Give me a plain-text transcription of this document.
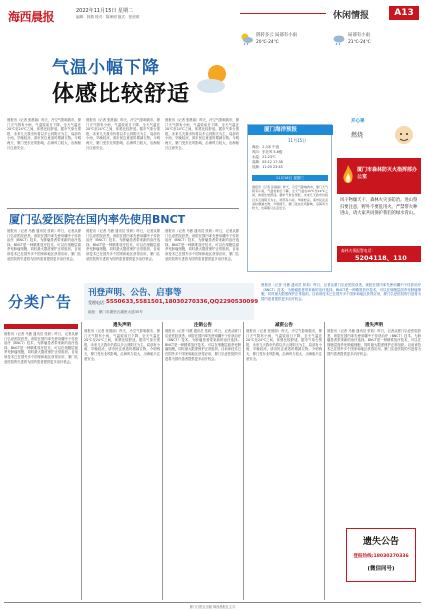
海西晨报	2022年11月15日 星期二
编辑：林燕 校对：陈理明 版式：张欣琪	休闲情报	A13
阴转多云 局部有小雨
20℃-24℃
局部有小雨
21℃-24℃
气温小幅下降
体感比较舒适
晨报讯（记者 张晨丽）昨天，冷空气影响我市，厦门天气阴有小雨，气温较前日下降，全天气温在20℃至24℃之间，体感比较舒适。据市气象台预报，未来几天我市仍将以多云到阴天为主，局部有小雨，早晚较凉，请市民注意适时增减衣物。今明两天，厦门受东北风影响，沿海风力较大，出海船只注意安全。
晨报讯（记者 张晨丽）昨天，冷空气影响我市，厦门天气阴有小雨，气温较前日下降，全天气温在20℃至24℃之间，体感比较舒适。据市气象台预报，未来几天我市仍将以多云到阴天为主，局部有小雨，早晚较凉，请市民注意适时增减衣物。今明两天，厦门受东北风影响，沿海风力较大，出海船只注意安全。
晨报讯（记者 张晨丽）昨天，冷空气影响我市，厦门天气阴有小雨，气温较前日下降，全天气温在20℃至24℃之间，体感比较舒适。据市气象台预报，未来几天我市仍将以多云到阴天为主，局部有小雨，早晚较凉，请市民注意适时增减衣物。今明两天，厦门受东北风影响，沿海风力较大，出海船只注意安全。
厦门海洋预报
11月15日
海浪：2-3米 中浪
风向：东北风 5-6级
水温：22-23℃
高潮：05:12 17:38
低潮：11:20 23:45
11月16日 星期三
晨报讯（记者 张晨丽）昨天，冷空气影响我市，厦门天气阴有小雨，气温较前日下降，全天气温在20℃至24℃之间，体感比较舒适。据市气象台预报，未来几天我市仍将以多云到阴天为主，局部有小雨，早晚较凉，请市民注意适时增减衣物。今明两天，厦门受东北风影响，沿海风力较大，出海船只注意安全。
开心果
燃烧
厦门市森林防灭火指挥部办公室
风干物燥天干，森林火灾多防治。进山祭扫要注意，野外不要乱用火。严禁带火种进山，请大家共同保护我们的绿水青山。
森林火情报警电话：
5204118、110
厦门弘爱医院在国内率先使用BNCT
晨报讯（记者 马薇 通讯员 张莉）昨日，记者从厦门弘爱医院获悉，该院在国内率先使用硼中子俘获治疗（BNCT）技术，为肿瘤患者带来新的治疗选择。BNCT是一种精准放疗技术，可以在细胞层面杀死肿瘤细胞，同时最大限度保护正常组织。目前该技术已在国外多个国家和地区获得应用，厦门弘爱医院的引进将为国内患者提供更多治疗机会。
晨报讯（记者 马薇 通讯员 张莉）昨日，记者从厦门弘爱医院获悉，该院在国内率先使用硼中子俘获治疗（BNCT）技术，为肿瘤患者带来新的治疗选择。BNCT是一种精准放疗技术，可以在细胞层面杀死肿瘤细胞，同时最大限度保护正常组织。目前该技术已在国外多个国家和地区获得应用，厦门弘爱医院的引进将为国内患者提供更多治疗机会。
晨报讯（记者 马薇 通讯员 张莉）昨日，记者从厦门弘爱医院获悉，该院在国内率先使用硼中子俘获治疗（BNCT）技术，为肿瘤患者带来新的治疗选择。BNCT是一种精准放疗技术，可以在细胞层面杀死肿瘤细胞，同时最大限度保护正常组织。目前该技术已在国外多个国家和地区获得应用，厦门弘爱医院的引进将为国内患者提供更多治疗机会。
分类广告 刊登声明、公告、启事等
受理电话：
5550633,5581501,18030270336,QQ2290530099
地址：厦门市湖里区湖里大道35号
晨报讯（记者 马薇 通讯员 张莉）昨日，记者从厦门弘爱医院获悉，该院在国内率先使用硼中子俘获治疗（BNCT）技术，为肿瘤患者带来新的治疗选择。BNCT是一种精准放疗技术，可以在细胞层面杀死肿瘤细胞，同时最大限度保护正常组织。目前该技术已在国外多个国家和地区获得应用，厦门弘爱医院的引进将为国内患者提供更多治疗机会。
晨报讯（记者 马薇 通讯员 张莉）昨日，记者从厦门弘爱医院获悉，该院在国内率先使用硼中子俘获治疗（BNCT）技术，为肿瘤患者带来新的治疗选择。BNCT是一种精准放疗技术，可以在细胞层面杀死肿瘤细胞，同时最大限度保护正常组织。目前该技术已在国外多个国家和地区获得应用，厦门弘爱医院的引进将为国内患者提供更多治疗机会。
遗失声明
晨报讯（记者 张晨丽）昨天，冷空气影响我市，厦门天气阴有小雨，气温较前日下降，全天气温在20℃至24℃之间，体感比较舒适。据市气象台预报，未来几天我市仍将以多云到阴天为主，局部有小雨，早晚较凉，请市民注意适时增减衣物。今明两天，厦门受东北风影响，沿海风力较大，出海船只注意安全。
注销公告
晨报讯（记者 马薇 通讯员 张莉）昨日，记者从厦门弘爱医院获悉，该院在国内率先使用硼中子俘获治疗（BNCT）技术，为肿瘤患者带来新的治疗选择。BNCT是一种精准放疗技术，可以在细胞层面杀死肿瘤细胞，同时最大限度保护正常组织。目前该技术已在国外多个国家和地区获得应用，厦门弘爱医院的引进将为国内患者提供更多治疗机会。
减资公告
晨报讯（记者 张晨丽）昨天，冷空气影响我市，厦门天气阴有小雨，气温较前日下降，全天气温在20℃至24℃之间，体感比较舒适。据市气象台预报，未来几天我市仍将以多云到阴天为主，局部有小雨，早晚较凉，请市民注意适时增减衣物。今明两天，厦门受东北风影响，沿海风力较大，出海船只注意安全。
遗失声明
晨报讯（记者 马薇 通讯员 张莉）昨日，记者从厦门弘爱医院获悉，该院在国内率先使用硼中子俘获治疗（BNCT）技术，为肿瘤患者带来新的治疗选择。BNCT是一种精准放疗技术，可以在细胞层面杀死肿瘤细胞，同时最大限度保护正常组织。目前该技术已在国外多个国家和地区获得应用，厦门弘爱医院的引进将为国内患者提供更多治疗机会。
遗失公告
登报热线:18030270336
(微信同号)
厦门日报社出版 海西晨报社主办
